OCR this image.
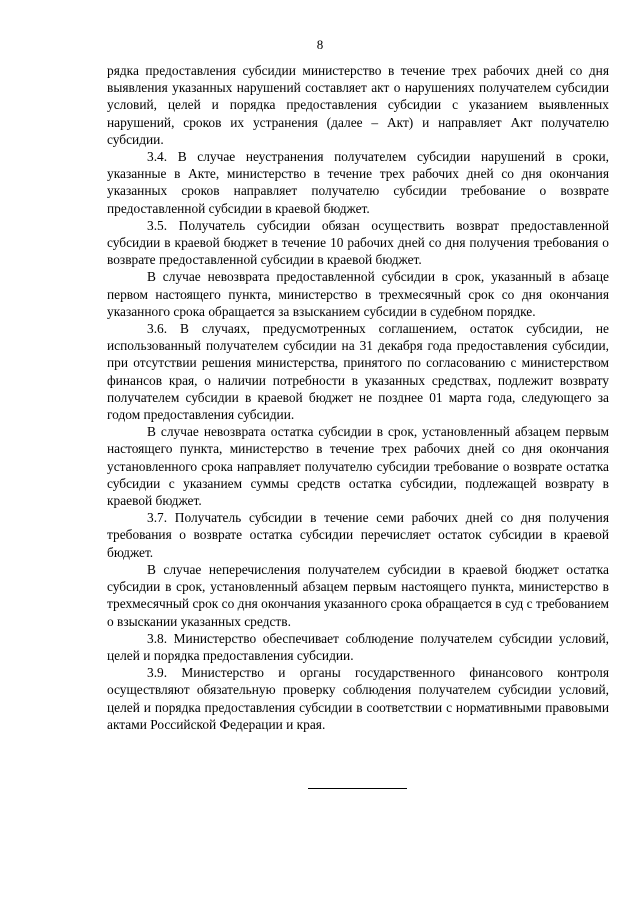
8

рядка предоставления субсидии министерство в течение трех рабочих дней со дня выявления указанных нарушений составляет акт о нарушениях получателем субсидии условий, целей и порядка предоставления субсидии с указанием выявленных нарушений, сроков их устранения (далее – Акт) и направляет Акт получателю субсидии.

3.4. В случае неустранения получателем субсидии нарушений в сроки, указанные в Акте, министерство в течение трех рабочих дней со дня окончания указанных сроков направляет получателю субсидии требование о возврате предоставленной субсидии в краевой бюджет.

3.5. Получатель субсидии обязан осуществить возврат предоставленной субсидии в краевой бюджет в течение 10 рабочих дней со дня получения требования о возврате предоставленной субсидии в краевой бюджет.

В случае невозврата предоставленной субсидии в срок, указанный в абзаце первом настоящего пункта, министерство в трехмесячный срок со дня окончания указанного срока обращается за взысканием субсидии в судебном порядке.

3.6. В случаях, предусмотренных соглашением, остаток субсидии, не использованный получателем субсидии на 31 декабря года предоставления субсидии, при отсутствии решения министерства, принятого по согласованию с министерством финансов края, о наличии потребности в указанных средствах, подлежит возврату получателем субсидии в краевой бюджет не позднее 01 марта года, следующего за годом предоставления субсидии.

В случае невозврата остатка субсидии в срок, установленный абзацем первым настоящего пункта, министерство в течение трех рабочих дней со дня окончания установленного срока направляет получателю субсидии требование о возврате остатка субсидии с указанием суммы средств остатка субсидии, подлежащей возврату в краевой бюджет.

3.7. Получатель субсидии в течение семи рабочих дней со дня получения требования о возврате остатка субсидии перечисляет остаток субсидии в краевой бюджет.

В случае неперечисления получателем субсидии в краевой бюджет остатка субсидии в срок, установленный абзацем первым настоящего пункта, министерство в трехмесячный срок со дня окончания указанного срока обращается в суд с требованием о взыскании указанных средств.

3.8. Министерство обеспечивает соблюдение получателем субсидии условий, целей и порядка предоставления субсидии.

3.9. Министерство и органы государственного финансового контроля осуществляют обязательную проверку соблюдения получателем субсидии условий, целей и порядка предоставления субсидии в соответствии с нормативными правовыми актами Российской Федерации и края.
